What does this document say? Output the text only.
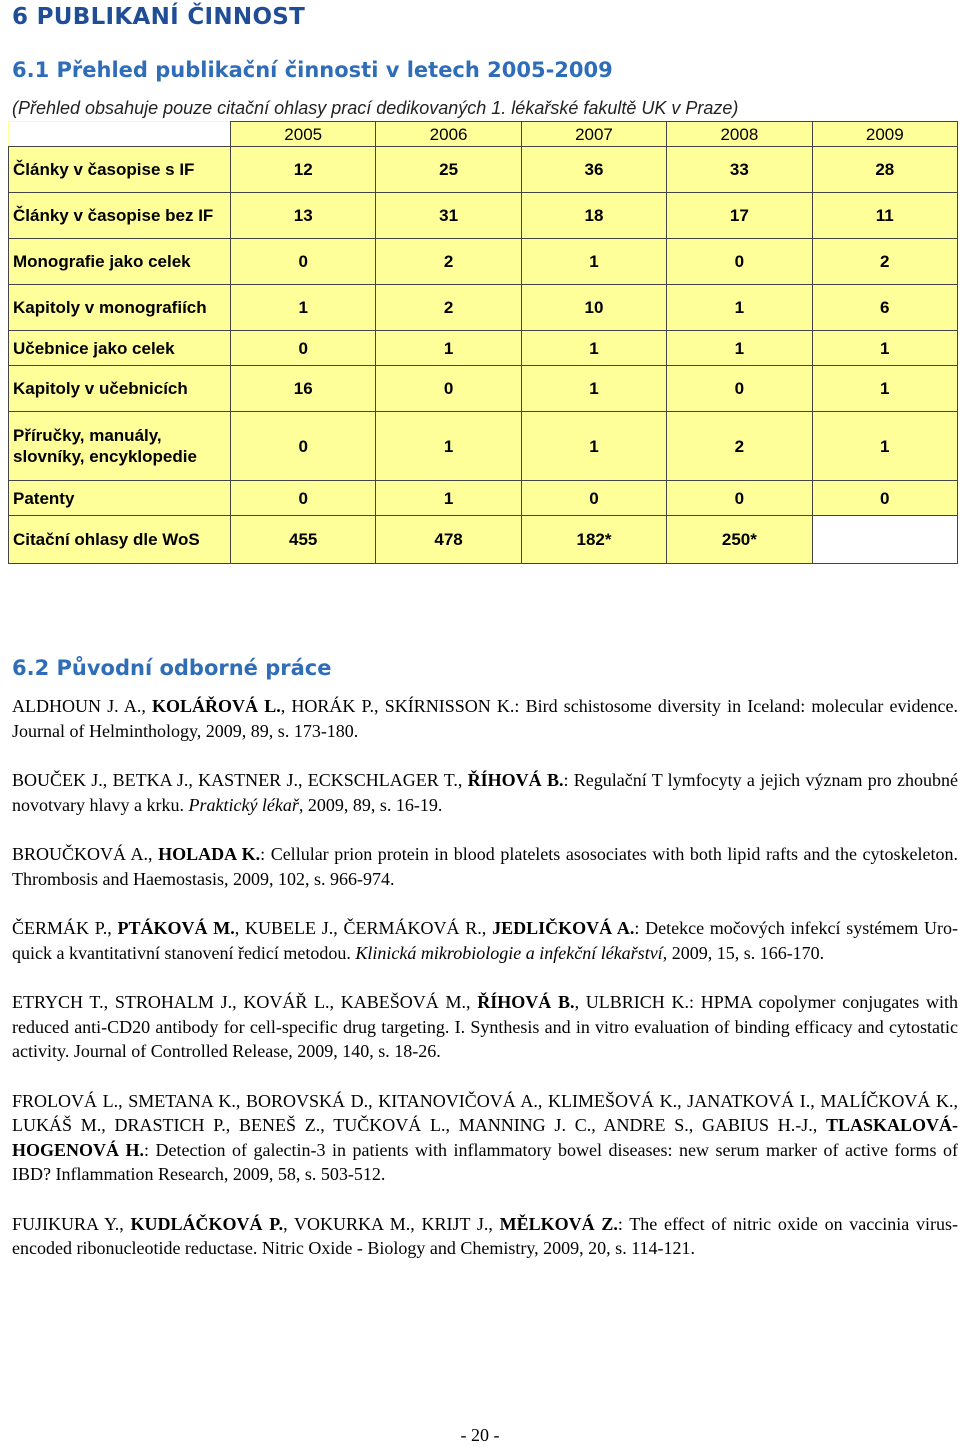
6 PUBLIKANÍ ČINNOST
6.1 Přehled publikační činnosti v letech 2005-2009
(Přehled obsahuje pouze citační ohlasy prací dedikovaných 1. lékařské fakultě UK v Praze)
	2005	2006	2007	2008	2009
Články v časopise s IF	12	25	36	33	28
Články v časopise bez IF	13	31	18	17	11
Monografie jako celek	0	2	1	0	2
Kapitoly v monografiích	1	2	10	1	6
Učebnice jako celek	0	1	1	1	1
Kapitoly v učebnicích	16	0	1	0	1
Příručky, manuály, slovníky, encyklopedie	0	1	1	2	1
Patenty	0	1	0	0	0
Citační ohlasy dle WoS	455	478	182*	250*	
6.2 Původní odborné práce

ALDHOUN J. A., KOLÁŘOVÁ L., HORÁK P., SKÍRNISSON K.: Bird schistosome diversity in Iceland: molecular evidence. Journal of Helminthology, 2009, 89, s. 173-180.

BOUČEK J., BETKA J., KASTNER J., ECKSCHLAGER T., ŘÍHOVÁ B.: Regulační T lymfocyty a jejich význam pro zhoubné novotvary hlavy a krku. Praktický lékař, 2009, 89, s. 16-19.

BROUČKOVÁ A., HOLADA K.: Cellular prion protein in blood platelets asosociates with both lipid rafts and the cytoskeleton. Thrombosis and Haemostasis, 2009, 102, s. 966-974.

ČERMÁK P., PTÁKOVÁ M., KUBELE J., ČERMÁKOVÁ R., JEDLIČKOVÁ A.: Detekce močových infekcí systémem Uro-quick a kvantitativní stanovení ředicí metodou. Klinická mikrobiologie a infekční lékařství, 2009, 15, s. 166-170.

ETRYCH T., STROHALM J., KOVÁŘ L., KABEŠOVÁ M., ŘÍHOVÁ B., ULBRICH K.: HPMA copolymer conjugates with reduced anti-CD20 antibody for cell-specific drug targeting. I. Synthesis and in vitro evaluation of binding efficacy and cytostatic activity. Journal of Controlled Release, 2009, 140, s. 18-26.

FROLOVÁ L., SMETANA K., BOROVSKÁ D., KITANOVIČOVÁ A., KLIMEŠOVÁ K., JANATKOVÁ I., MALÍČKOVÁ K., LUKÁŠ M., DRASTICH P., BENEŠ Z., TUČKOVÁ L., MANNING J. C., ANDRE S., GABIUS H.-J., TLASKALOVÁ-HOGENOVÁ H.: Detection of galectin-3 in patients with inflammatory bowel diseases: new serum marker of active forms of IBD? Inflammation Research, 2009, 58, s. 503-512.

FUJIKURA Y., KUDLÁČKOVÁ P., VOKURKA M., KRIJT J., MĚLKOVÁ Z.: The effect of nitric oxide on vaccinia virus-encoded ribonucleotide reductase. Nitric Oxide - Biology and Chemistry, 2009, 20, s. 114-121.

- 20 -
